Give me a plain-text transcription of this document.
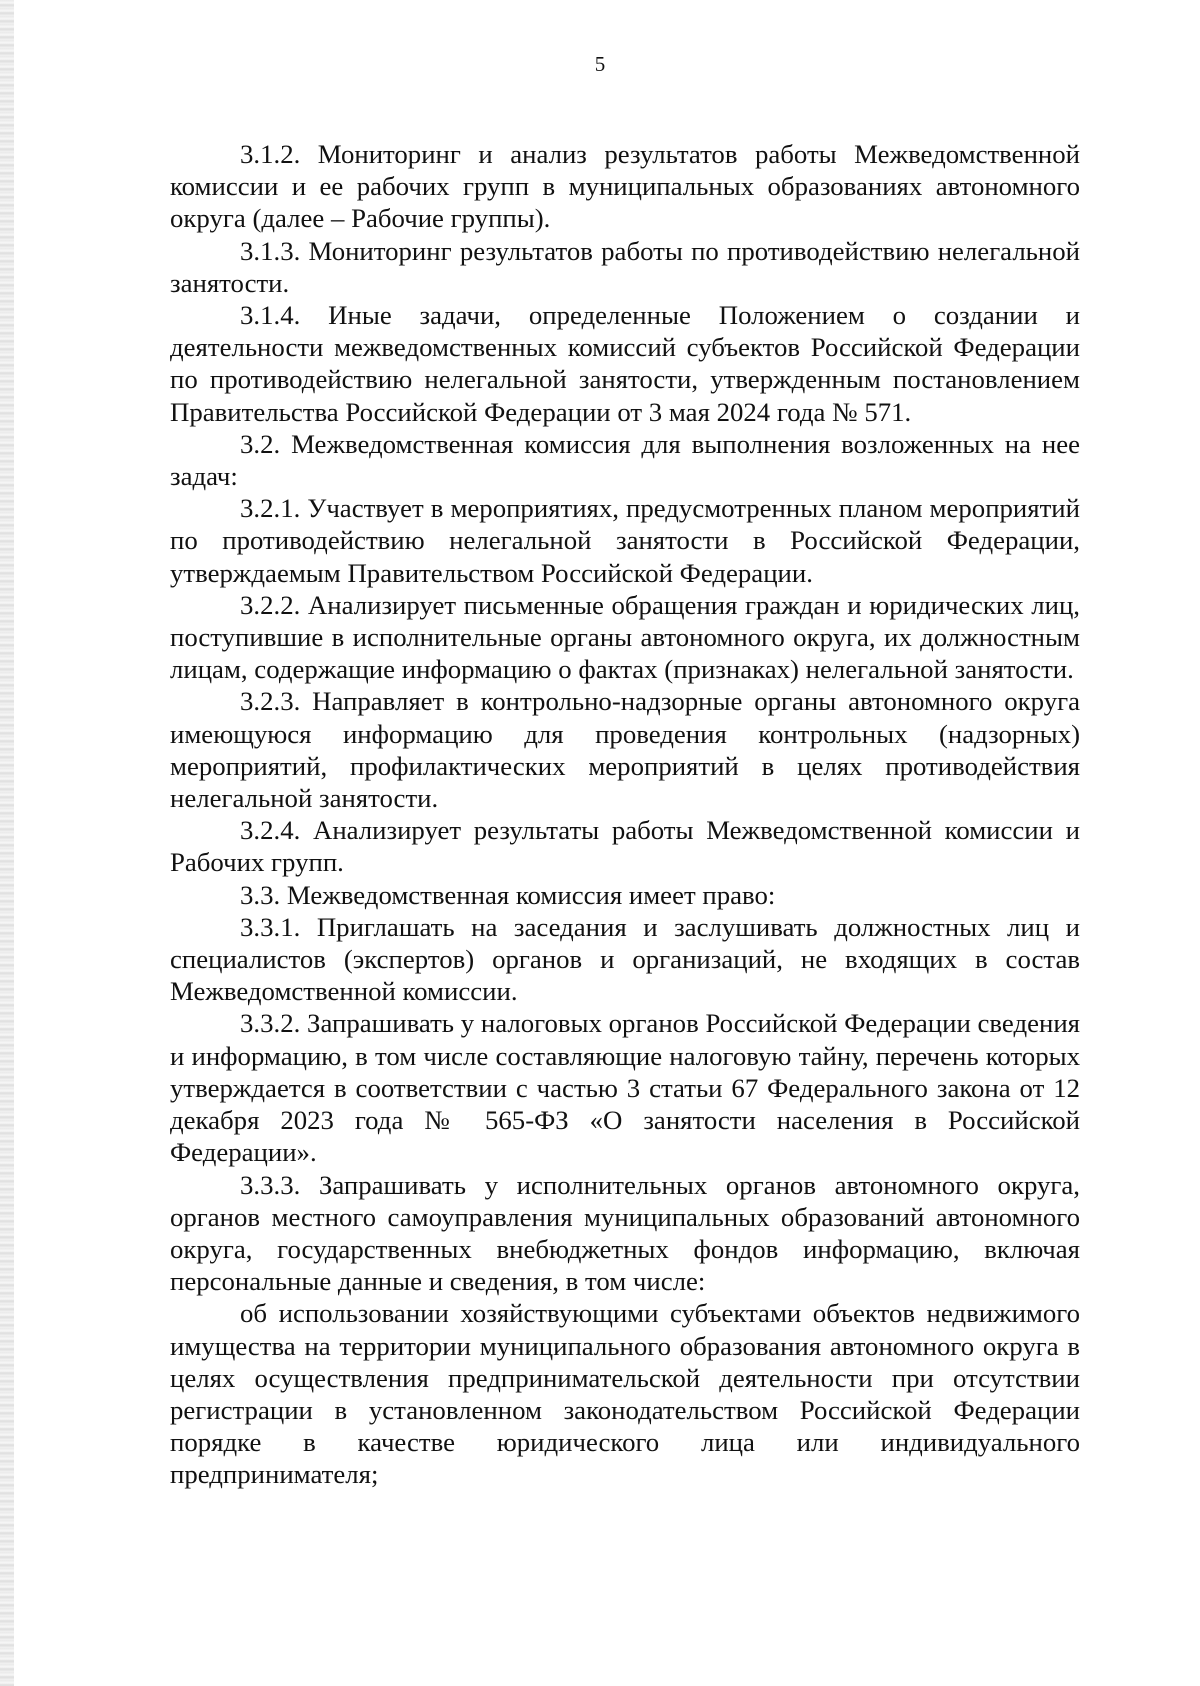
5

3.1.2. Мониторинг и анализ результатов работы Межведомственной комиссии и ее рабочих групп в муниципальных образованиях автономного округа (далее – Рабочие группы).

3.1.3. Мониторинг результатов работы по противодействию нелегальной занятости.

3.1.4. Иные задачи, определенные Положением о создании и деятельности межведомственных комиссий субъектов Российской Федерации по противодействию нелегальной занятости, утвержденным постановлением Правительства Российской Федерации от 3 мая 2024 года № 571.

3.2. Межведомственная комиссия для выполнения возложенных на нее задач:

3.2.1. Участвует в мероприятиях, предусмотренных планом мероприятий по противодействию нелегальной занятости в Российской Федерации, утверждаемым Правительством Российской Федерации.

3.2.2. Анализирует письменные обращения граждан и юридических лиц, поступившие в исполнительные органы автономного округа, их должностным лицам, содержащие информацию о фактах (признаках) нелегальной занятости.

3.2.3. Направляет в контрольно-надзорные органы автономного округа имеющуюся информацию для проведения контрольных (надзорных) мероприятий, профилактических мероприятий в целях противодействия нелегальной занятости.

3.2.4. Анализирует результаты работы Межведомственной комиссии и Рабочих групп.

3.3. Межведомственная комиссия имеет право:

3.3.1. Приглашать на заседания и заслушивать должностных лиц и специалистов (экспертов) органов и организаций, не входящих в состав Межведомственной комиссии.

3.3.2. Запрашивать у налоговых органов Российской Федерации сведения и информацию, в том числе составляющие налоговую тайну, перечень которых утверждается в соответствии с частью 3 статьи 67 Федерального закона от 12 декабря 2023 года № 565-ФЗ «О занятости населения в Российской Федерации».

3.3.3. Запрашивать у исполнительных органов автономного округа, органов местного самоуправления муниципальных образований автономного округа, государственных внебюджетных фондов информацию, включая персональные данные и сведения, в том числе:

об использовании хозяйствующими субъектами объектов недвижимого имущества на территории муниципального образования автономного округа в целях осуществления предпринимательской деятельности при отсутствии регистрации в установленном законодательством Российской Федерации порядке в качестве юридического лица или индивидуального предпринимателя;
